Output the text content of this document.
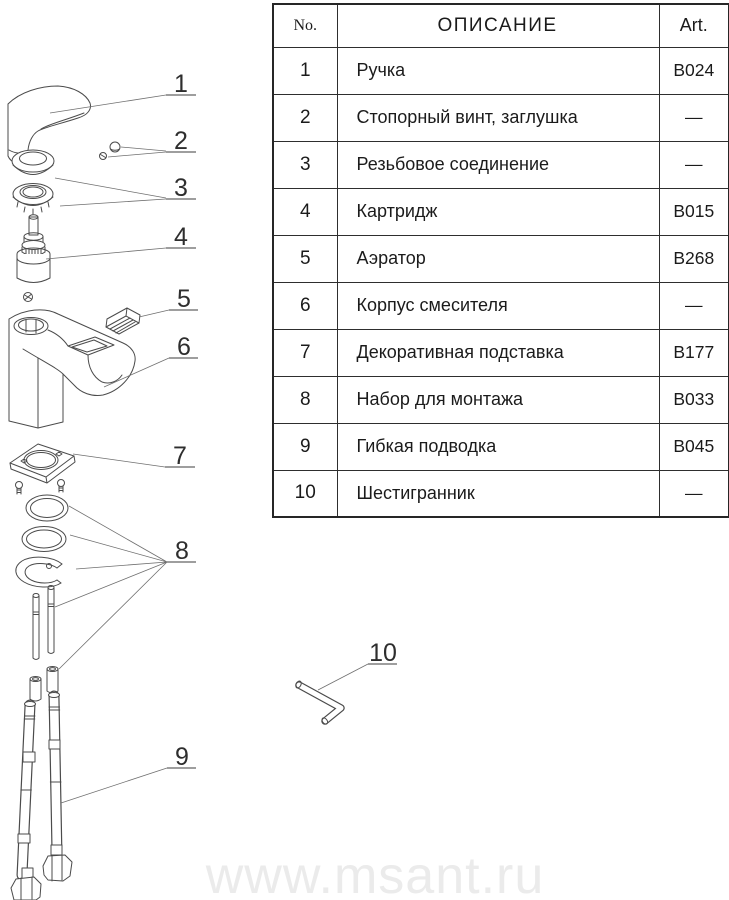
1
2
3
4
5
6
7
8
9
10
No.	ОПИСАНИЕ	Art.
1	Ручка	B024
2	Стопорный винт, заглушка	—
3	Резьбовое соединение	—
4	Картридж	B015
5	Аэратор	B268
6	Корпус смесителя	—
7	Декоративная подставка	B177
8	Набор для монтажа	B033
9	Гибкая подводка	B045
10	Шестигранник	—
www.msant.ru
